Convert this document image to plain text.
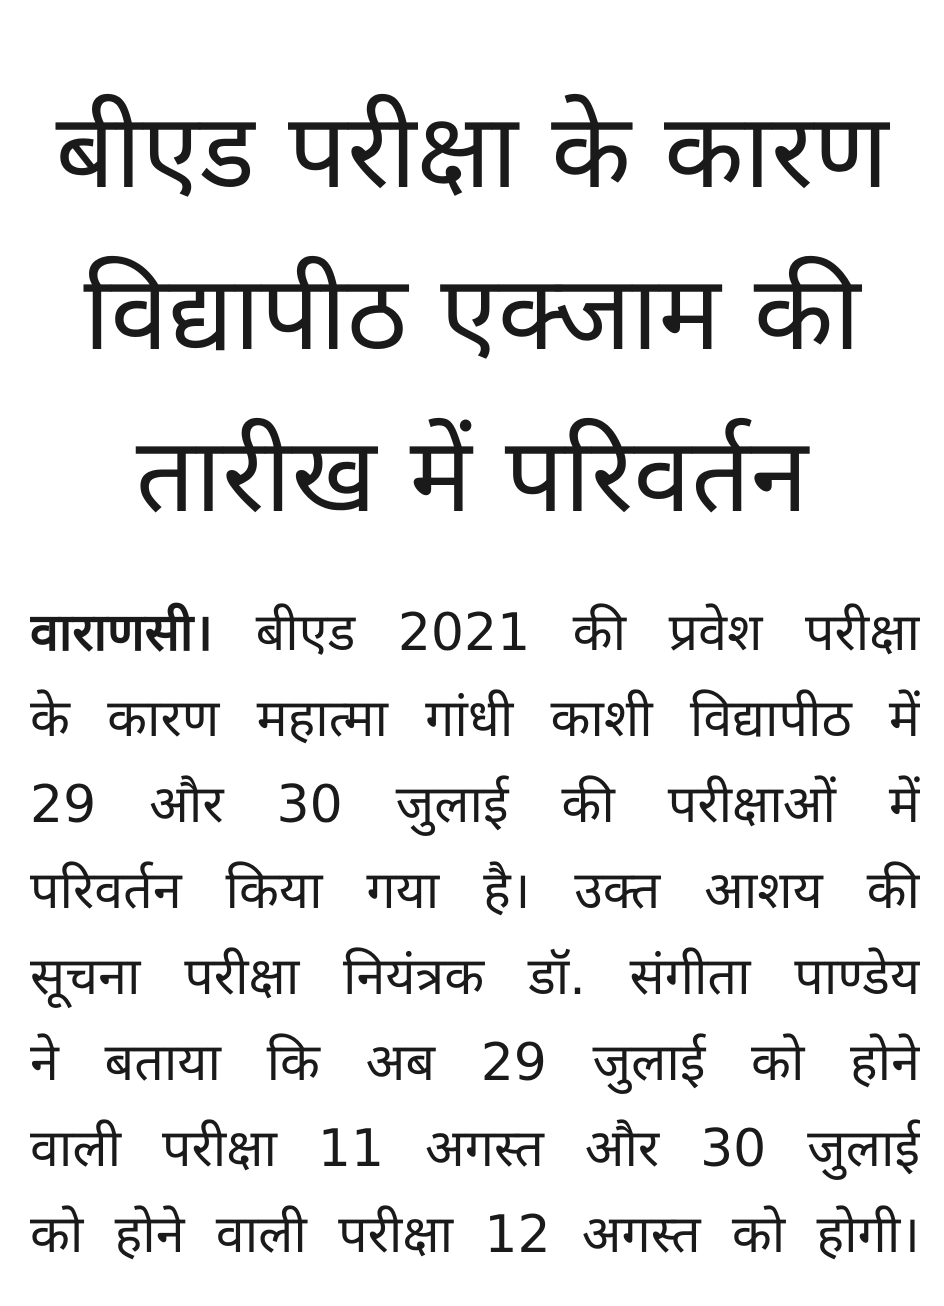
बीएड परीक्षा के कारण
विद्यापीठ एक्जाम की
तारीख में परिवर्तन
वाराणसी। बीएड 2021 की प्रवेश परीक्षा
के कारण महात्मा गांधी काशी विद्यापीठ में
29 और 30 जुलाई की परीक्षाओं में
परिवर्तन किया गया है। उक्त आशय की
सूचना परीक्षा नियंत्रक डॉ. संगीता पाण्डेय
ने बताया कि अब 29 जुलाई को होने
वाली परीक्षा 11 अगस्त और 30 जुलाई
को होने वाली परीक्षा 12 अगस्त को होगी।
